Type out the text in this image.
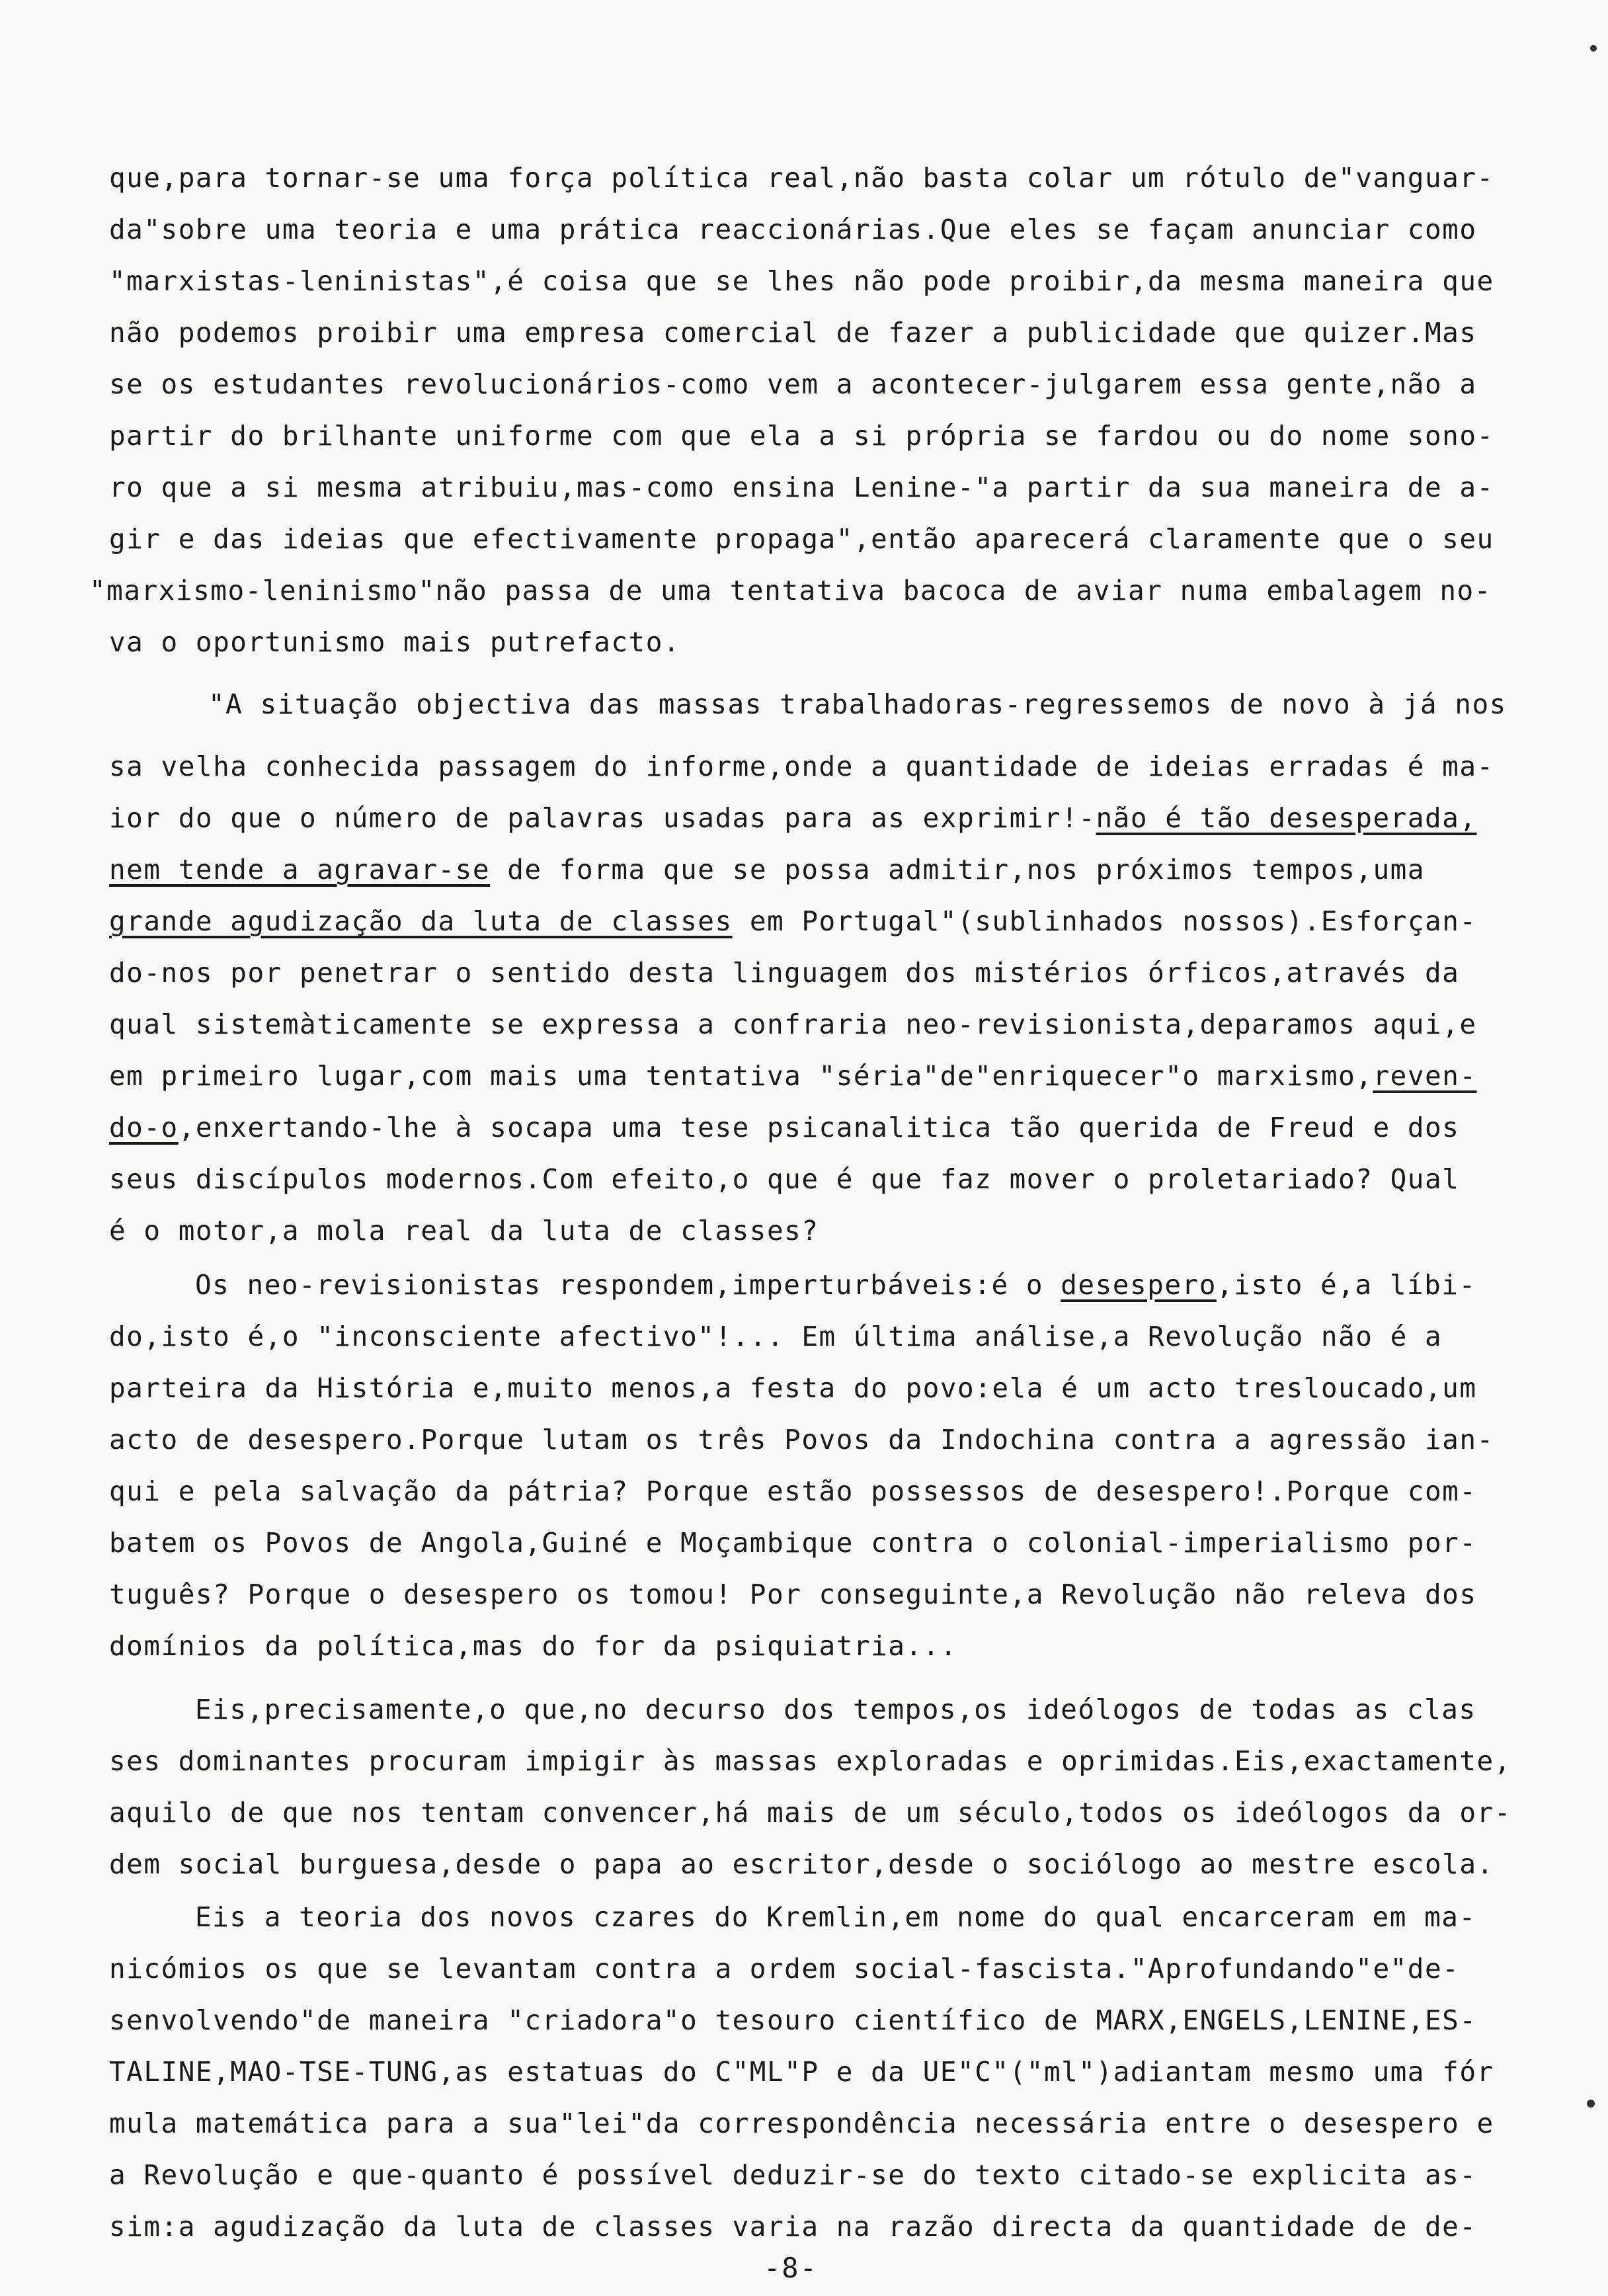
que,para tornar-se uma força política real,não basta colar um rótulo de"vanguar-
da"sobre uma teoria e uma prática reaccionárias.Que eles se façam anunciar como
"marxistas-leninistas",é coisa que se lhes não pode proibir,da mesma maneira que
não podemos proibir uma empresa comercial de fazer a publicidade que quizer.Mas
se os estudantes revolucionários-como vem a acontecer-julgarem essa gente,não a
partir do brilhante uniforme com que ela a si própria se fardou ou do nome sono-
ro que a si mesma atribuiu,mas-como ensina Lenine-"a partir da sua maneira de a-
gir e das ideias que efectivamente propaga",então aparecerá claramente que o seu
"marxismo-leninismo"não passa de uma tentativa bacoca de aviar numa embalagem no-
va o oportunismo mais putrefacto.
"A situação objectiva das massas trabalhadoras-regressemos de novo à já nos
sa velha conhecida passagem do informe,onde a quantidade de ideias erradas é ma-
ior do que o número de palavras usadas para as exprimir!-não é tão desesperada,
nem tende a agravar-se de forma que se possa admitir,nos próximos tempos,uma
grande agudização da luta de classes em Portugal"(sublinhados nossos).Esforçan-
do-nos por penetrar o sentido desta linguagem dos mistérios órficos,através da
qual sistemàticamente se expressa a confraria neo-revisionista,deparamos aqui,e
em primeiro lugar,com mais uma tentativa "séria"de"enriquecer"o marxismo,reven-
do-o,enxertando-lhe à socapa uma tese psicanalitica tão querida de Freud e dos
seus discípulos modernos.Com efeito,o que é que faz mover o proletariado? Qual
é o motor,a mola real da luta de classes?
Os neo-revisionistas respondem,imperturbáveis:é o desespero,isto é,a líbi-
do,isto é,o "inconsciente afectivo"!... Em última análise,a Revolução não é a
parteira da História e,muito menos,a festa do povo:ela é um acto tresloucado,um
acto de desespero.Porque lutam os três Povos da Indochina contra a agressão ian-
qui e pela salvação da pátria? Porque estão possessos de desespero!.Porque com-
batem os Povos de Angola,Guiné e Moçambique contra o colonial-imperialismo por-
tuguês? Porque o desespero os tomou! Por conseguinte,a Revolução não releva dos
domínios da política,mas do for da psiquiatria...
Eis,precisamente,o que,no decurso dos tempos,os ideólogos de todas as clas
ses dominantes procuram impigir às massas exploradas e oprimidas.Eis,exactamente,
aquilo de que nos tentam convencer,há mais de um século,todos os ideólogos da or-
dem social burguesa,desde o papa ao escritor,desde o sociólogo ao mestre escola.
Eis a teoria dos novos czares do Kremlin,em nome do qual encarceram em ma-
nicómios os que se levantam contra a ordem social-fascista."Aprofundando"e"de-
senvolvendo"de maneira "criadora"o tesouro científico de MARX,ENGELS,LENINE,ES-
TALINE,MAO-TSE-TUNG,as estatuas do C"ML"P e da UE"C"("ml")adiantam mesmo uma fór
mula matemática para a sua"lei"da correspondência necessária entre o desespero e
a Revolução e que-quanto é possível deduzir-se do texto citado-se explicita as-
sim:a agudização da luta de classes varia na razão directa da quantidade de de-
-8-
